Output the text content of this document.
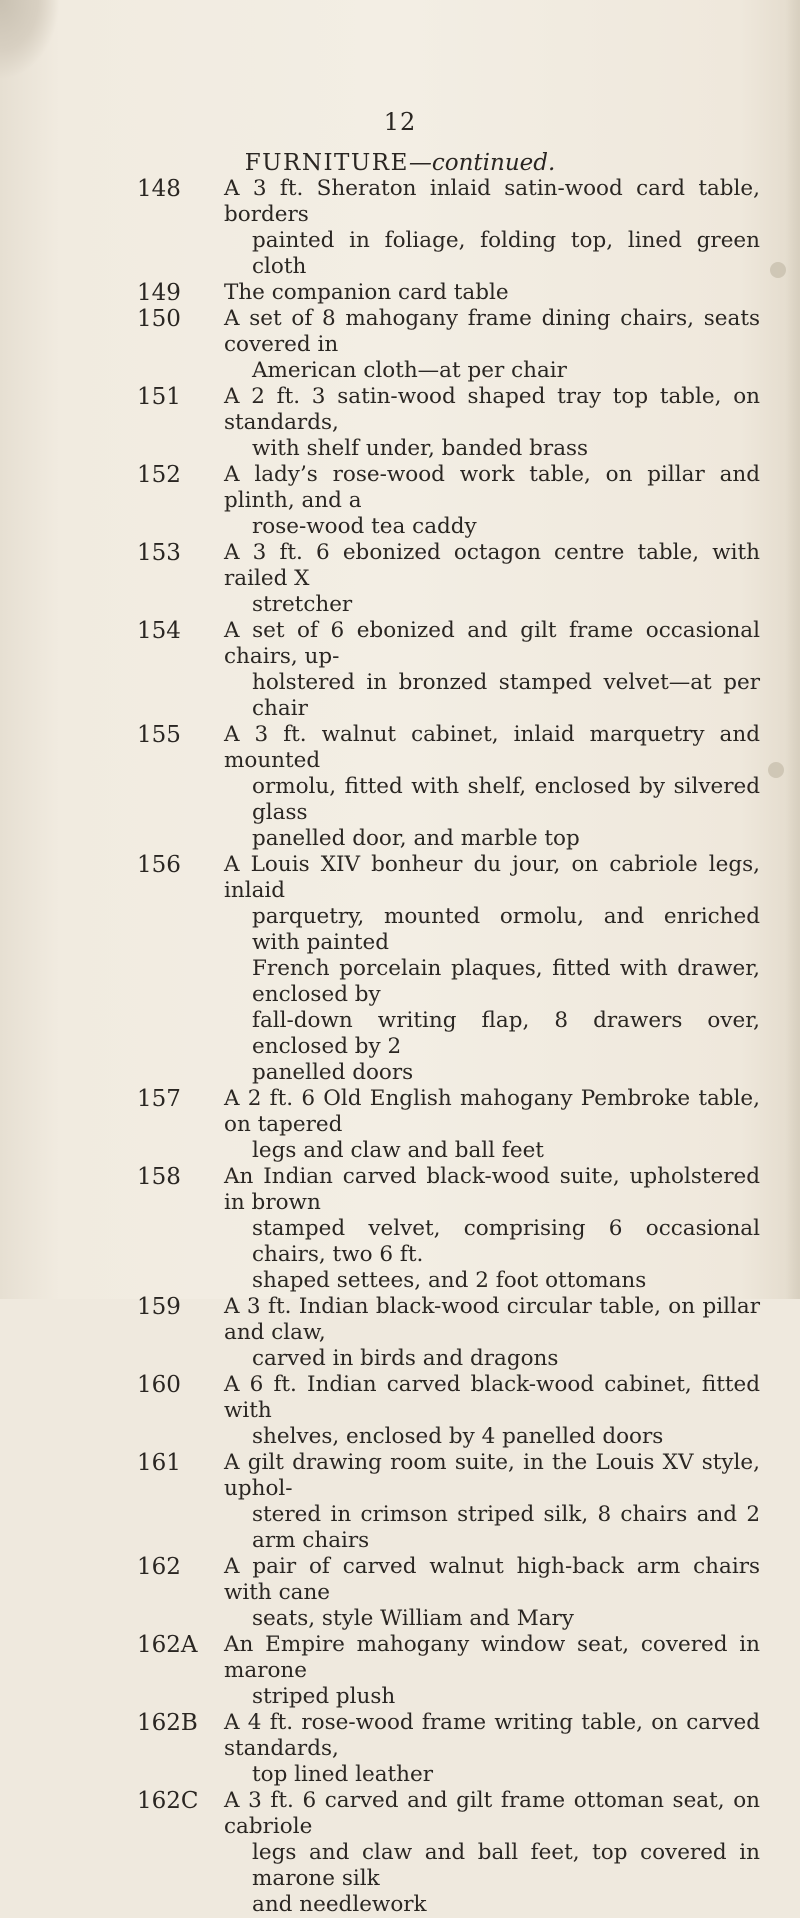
12
FURNITURE—continued.
148 A 3 ft. Sheraton inlaid satin-wood card table, borders
painted in foliage, folding top, lined green cloth
149 The companion card table
150 A set of 8 mahogany frame dining chairs, seats covered in
American cloth—at per chair
151 A 2 ft. 3 satin-wood shaped tray top table, on standards,
with shelf under, banded brass
152 A lady’s rose-wood work table, on pillar and plinth, and a
rose-wood tea caddy
153 A 3 ft. 6 ebonized octagon centre table, with railed X
stretcher
154 A set of 6 ebonized and gilt frame occasional chairs, up-
holstered in bronzed stamped velvet—at per chair
155 A 3 ft. walnut cabinet, inlaid marquetry and mounted
ormolu, fitted with shelf, enclosed by silvered glass
panelled door, and marble top
156 A Louis XIV bonheur du jour, on cabriole legs, inlaid
parquetry, mounted ormolu, and enriched with painted
French porcelain plaques, fitted with drawer, enclosed by
fall-down writing flap, 8 drawers over, enclosed by 2
panelled doors
157 A 2 ft. 6 Old English mahogany Pembroke table, on tapered
legs and claw and ball feet
158 An Indian carved black-wood suite, upholstered in brown
stamped velvet, comprising 6 occasional chairs, two 6 ft.
shaped settees, and 2 foot ottomans
159 A 3 ft. Indian black-wood circular table, on pillar and claw,
carved in birds and dragons
160 A 6 ft. Indian carved black-wood cabinet, fitted with
shelves, enclosed by 4 panelled doors
161 A gilt drawing room suite, in the Louis XV style, uphol-
stered in crimson striped silk, 8 chairs and 2 arm chairs
162 A pair of carved walnut high-back arm chairs with cane
seats, style William and Mary
162A An Empire mahogany window seat, covered in marone
striped plush
162B A 4 ft. rose-wood frame writing table, on carved standards,
top lined leather
162C A 3 ft. 6 carved and gilt frame ottoman seat, on cabriole
legs and claw and ball feet, top covered in marone silk
and needlework
